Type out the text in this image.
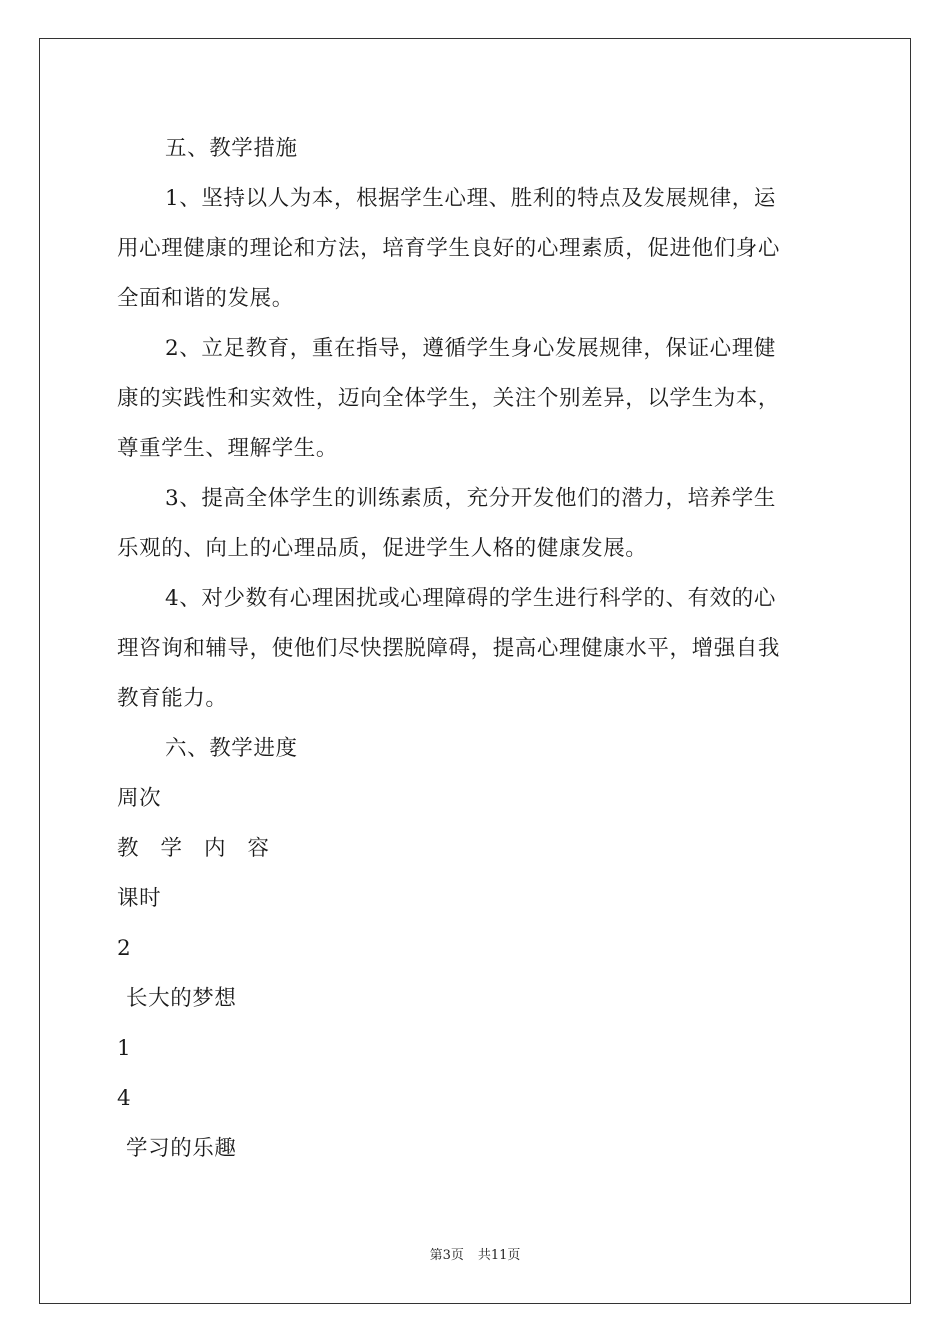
五、教学措施
1、坚持以人为本，根据学生心理、胜利的特点及发展规律，运
用心理健康的理论和方法，培育学生良好的心理素质，促进他们身心
全面和谐的发展。
2、立足教育，重在指导，遵循学生身心发展规律，保证心理健
康的实践性和实效性，迈向全体学生，关注个别差异，以学生为本，
尊重学生、理解学生。
3、提高全体学生的训练素质，充分开发他们的潜力，培养学生
乐观的、向上的心理品质，促进学生人格的健康发展。
4、对少数有心理困扰或心理障碍的学生进行科学的、有效的心
理咨询和辅导，使他们尽快摆脱障碍，提高心理健康水平，增强自我
教育能力。
六、教学进度
周次
教学内容
课时
2
长大的梦想
1
4
学习的乐趣
第3页 共11页
